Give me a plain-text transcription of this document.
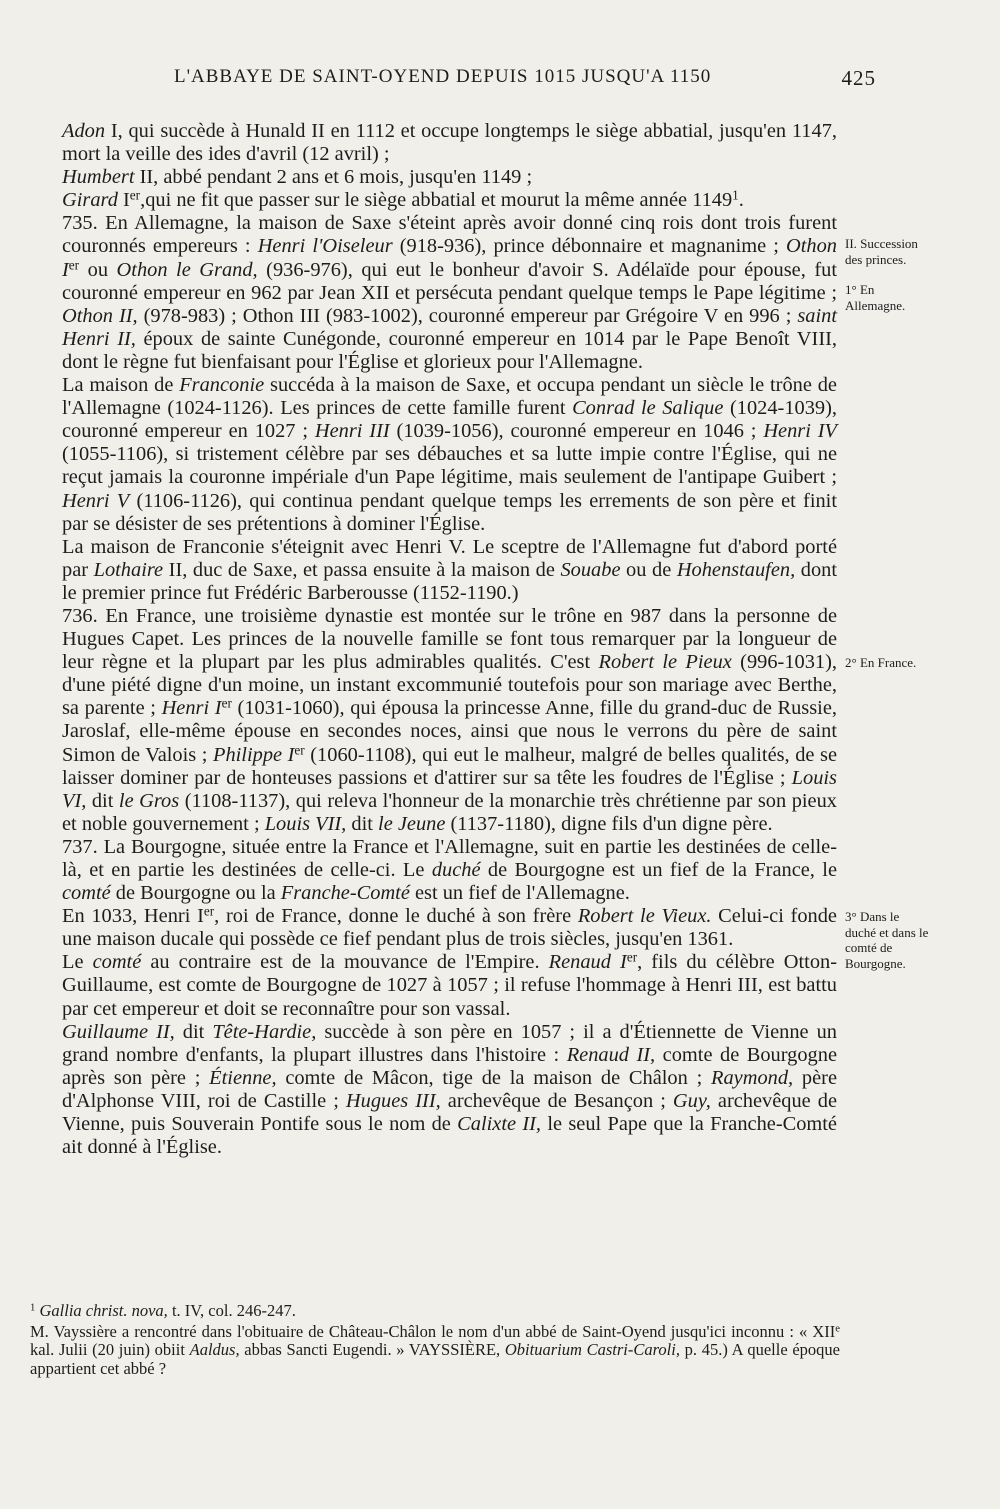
L'ABBAYE DE SAINT-OYEND DEPUIS 1015 JUSQU'A 1150	425

Adon I, qui succède à Hunald II en 1112 et occupe longtemps le siège abbatial, jusqu'en 1147, mort la veille des ides d'avril (12 avril) ;

Humbert II, abbé pendant 2 ans et 6 mois, jusqu'en 1149 ;

Girard Ier,qui ne fit que passer sur le siège abbatial et mourut la même année 1149$^1$.

735. En Allemagne, la maison de Saxe s'éteint après avoir donné cinq rois dont trois furent couronnés empereurs : Henri l'Oiseleur (918-936), prince débonnaire et magnanime ; Othon Ier ou Othon le Grand, (936-976), qui eut le bonheur d'avoir S. Adélaïde pour épouse, fut couronné empereur en 962 par Jean XII et persécuta pendant quelque temps le Pape légitime ; Othon II, (978-983) ; Othon III (983-1002), couronné empereur par Grégoire V en 996 ; saint Henri II, époux de sainte Cunégonde, couronné empereur en 1014 par le Pape Benoît VIII, dont le règne fut bienfaisant pour l'Église et glorieux pour l'Allemagne.

La maison de Franconie succéda à la maison de Saxe, et occupa pendant un siècle le trône de l'Allemagne (1024-1126). Les princes de cette famille furent Conrad le Salique (1024-1039), couronné empereur en 1027 ; Henri III (1039-1056), couronné empereur en 1046 ; Henri IV (1055-1106), si tristement célèbre par ses débauches et sa lutte impie contre l'Église, qui ne reçut jamais la couronne impériale d'un Pape légitime, mais seulement de l'antipape Guibert ; Henri V (1106-1126), qui continua pendant quelque temps les errements de son père et finit par se désister de ses prétentions à dominer l'Église.

La maison de Franconie s'éteignit avec Henri V. Le sceptre de l'Allemagne fut d'abord porté par Lothaire II, duc de Saxe, et passa ensuite à la maison de Souabe ou de Hohenstaufen, dont le premier prince fut Frédéric Barberousse (1152-1190.)

736. En France, une troisième dynastie est montée sur le trône en 987 dans la personne de Hugues Capet. Les princes de la nouvelle famille se font tous remarquer par la longueur de leur règne et la plupart par les plus admirables qualités. C'est Robert le Pieux (996-1031), d'une piété digne d'un moine, un instant excommunié toutefois pour son mariage avec Berthe, sa parente ; Henri Ier (1031-1060), qui épousa la princesse Anne, fille du grand-duc de Russie, Jaroslaf, elle-même épouse en secondes noces, ainsi que nous le verrons du père de saint Simon de Valois ; Philippe Ier (1060-1108), qui eut le malheur, malgré de belles qualités, de se laisser dominer par de honteuses passions et d'attirer sur sa tête les foudres de l'Église ; Louis VI, dit le Gros (1108-1137), qui releva l'honneur de la monarchie très chrétienne par son pieux et noble gouvernement ; Louis VII, dit le Jeune (1137-1180), digne fils d'un digne père.

737. La Bourgogne, située entre la France et l'Allemagne, suit en partie les destinées de celle-là, et en partie les destinées de celle-ci. Le duché de Bourgogne est un fief de la France, le comté de Bourgogne ou la Franche-Comté est un fief de l'Allemagne.

En 1033, Henri Ier, roi de France, donne le duché à son frère Robert le Vieux. Celui-ci fonde une maison ducale qui possède ce fief pendant plus de trois siècles, jusqu'en 1361.

Le comté au contraire est de la mouvance de l'Empire. Renaud Ier, fils du célèbre Otton-Guillaume, est comte de Bourgogne de 1027 à 1057 ; il refuse l'hommage à Henri III, est battu par cet empereur et doit se reconnaître pour son vassal.

Guillaume II, dit Tête-Hardie, succède à son père en 1057 ; il a d'Étiennette de Vienne un grand nombre d'enfants, la plupart illustres dans l'histoire : Renaud II, comte de Bourgogne après son père ; Étienne, comte de Mâcon, tige de la maison de Châlon ; Raymond, père d'Alphonse VIII, roi de Castille ; Hugues III, archevêque de Besançon ; Guy, archevêque de Vienne, puis Souverain Pontife sous le nom de Calixte II, le seul Pape que la Franche-Comté ait donné à l'Église.

II. Succession des princes.
1° En Allemagne.
2° En France.
3° Dans le duché et dans le comté de Bourgogne.

$^1$ Gallia christ. nova, t. IV, col. 246-247.

M. Vayssière a rencontré dans l'obituaire de Château-Châlon le nom d'un abbé de Saint-Oyend jusqu'ici inconnu : « XIIe kal. Julii (20 juin) obiit Aaldus, abbas Sancti Eugendi. » VAYSSIÈRE, Obituarium Castri-Caroli, p. 45.) A quelle époque appartient cet abbé ?
